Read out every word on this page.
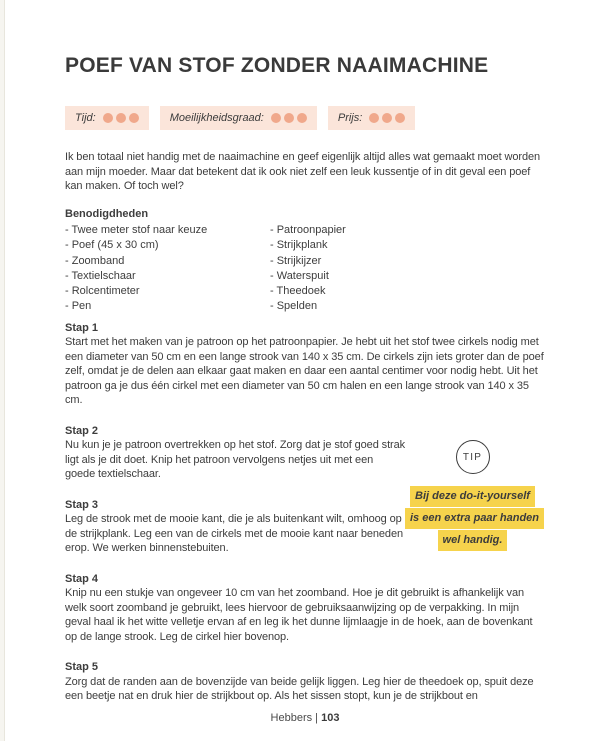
POEF VAN STOF ZONDER NAAIMACHINE
Tijd:	Moeilijkheidsgraad:	Prijs:

Ik ben totaal niet handig met de naaimachine en geef eigenlijk altijd alles wat gemaakt moet worden aan mijn moeder. Maar dat betekent dat ik ook niet zelf een leuk kussentje of in dit geval een poef kan maken. Of toch wel?

Benodigdheden
- Twee meter stof naar keuze
- Poef (45 x 30 cm)
- Zoomband
- Textielschaar
- Rolcentimeter
- Pen
- Patroonpapier
- Strijkplank
- Strijkijzer
- Waterspuit
- Theedoek
- Spelden
Stap 1

Start met het maken van je patroon op het patroonpapier. Je hebt uit het stof twee cirkels nodig met een diameter van 50 cm en een lange strook van 140 x 35 cm. De cirkels zijn iets groter dan de poef zelf, omdat je de delen aan elkaar gaat maken en daar een aantal centimer voor nodig hebt. Uit het patroon ga je dus één cirkel met een diameter van 50 cm halen en een lange strook van 140 x 35 cm.

Stap 2

Nu kun je je patroon overtrekken op het stof. Zorg dat je stof goed strak ligt als je dit doet. Knip het patroon vervolgens netjes uit met een goede textielschaar.

Stap 3

Leg de strook met de mooie kant, die je als buitenkant wilt, omhoog op de strijkplank. Leg een van de cirkels met de mooie kant naar beneden erop. We werken binnenstebuiten.

Stap 4

Knip nu een stukje van ongeveer 10 cm van het zoomband. Hoe je dit gebruikt is afhankelijk van welk soort zoomband je gebruikt, lees hiervoor de gebruiksaanwijzing op de verpakking. In mijn geval haal ik het witte velletje ervan af en leg ik het dunne lijmlaagje in de hoek, aan de bovenkant op de lange strook. Leg de cirkel hier bovenop.

Stap 5

Zorg dat de randen aan de bovenzijde van beide gelijk liggen. Leg hier de theedoek op, spuit deze een beetje nat en druk hier de strijkbout op. Als het sissen stopt, kun je de strijkbout en

Hebbers | 103
TIP
Bij deze do-it-yourself
is een extra paar handen
wel handig.
